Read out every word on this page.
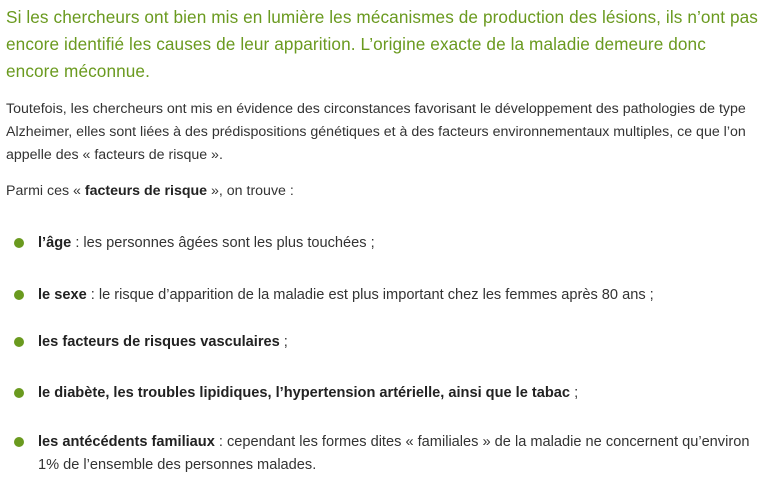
Si les chercheurs ont bien mis en lumière les mécanismes de production des lésions, ils n’ont pas encore identifié les causes de leur apparition. L’origine exacte de la maladie demeure donc encore méconnue.

Toutefois, les chercheurs ont mis en évidence des circonstances favorisant le développement des pathologies de type Alzheimer, elles sont liées à des prédispositions génétiques et à des facteurs environnementaux multiples, ce que l’on appelle des « facteurs de risque ».

Parmi ces « facteurs de risque », on trouve :

l’âge : les personnes âgées sont les plus touchées ;
le sexe : le risque d’apparition de la maladie est plus important chez les femmes après 80 ans ;
les facteurs de risques vasculaires ;
le diabète, les troubles lipidiques, l’hypertension artérielle, ainsi que le tabac ;
les antécédents familiaux : cependant les formes dites « familiales » de la maladie ne concernent qu’environ 1% de l’ensemble des personnes malades.
